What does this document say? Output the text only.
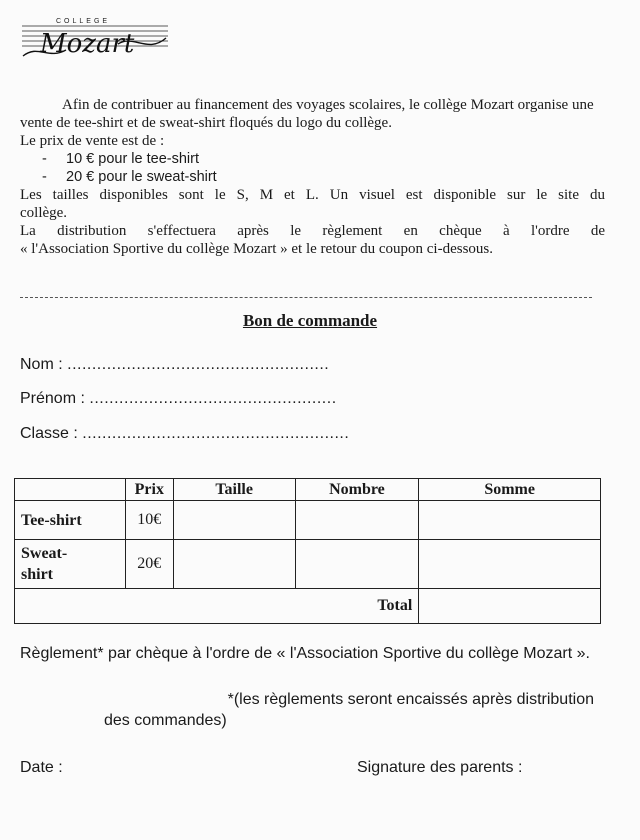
COLLEGE
Mozart

Afin de contribuer au financement des voyages scolaires, le collège Mozart organise une vente de tee-shirt et de sweat-shirt floqués du logo du collège.

Le prix de vente est de :

- 10 € pour le tee-shirt

- 20 € pour le sweat-shirt

Les tailles disponibles sont le S, M et L. Un visuel est disponible sur le site du

collège.

La distribution s'effectuera après le règlement en chèque à l'ordre de

« l'Association Sportive du collège Mozart » et le retour du coupon ci-dessous.

Bon de commande
Nom : .....................................................
Prénom : ..................................................
Classe : ......................................................
	Prix	Taille	Nombre	Somme
Tee-shirt	10€			
Sweat-
shirt	20€			
Total				

Règlement* par chèque à l'ordre de « l'Association Sportive du collège Mozart ».

*(les règlements seront encaissés après distribution

des commandes)

Date :	Signature des parents :
